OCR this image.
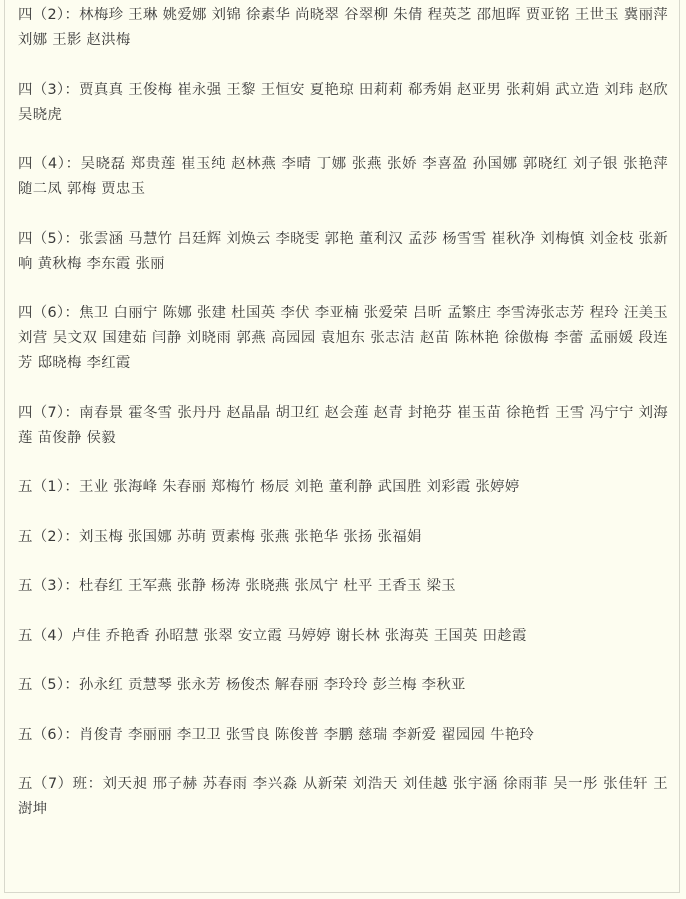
四（2）：林梅珍 王琳 姚爱娜 刘锦 徐素华 尚晓翠 谷翠柳 朱倩 程英芝 邵旭晖 贾亚铭 王世玉 冀丽萍 刘娜 王影 赵洪梅

四（3）：贾真真 王俊梅 崔永强 王黎 王恒安 夏艳琼 田莉莉 郗秀娟 赵亚男 张莉娟 武立造 刘玮 赵欣 吴晓虎

四（4）：吴晓磊 郑贵莲 崔玉纯 赵林燕 李晴 丁娜 张燕 张娇 李喜盈 孙国娜 郭晓红 刘子银 张艳萍 随二凤 郭梅 贾忠玉

四（5）：张雲涵 马慧竹 吕廷辉 刘焕云 李晓雯 郭艳 董利汉 孟莎 杨雪雪 崔秋净 刘梅慎 刘金枝 张新响 黄秋梅 李东霞 张丽

四（6）：焦卫 白丽宁 陈娜 张建 杜国英 李伏 李亚楠 张爱荣 吕昕 孟繁庄 李雪涛张志芳 程玲 汪美玉 刘营 吴文双 国建茹 闫静 刘晓雨 郭燕 高园园 袁旭东 张志洁 赵苗 陈林艳 徐傲梅 李蕾 孟丽媛 段连芳 邸晓梅 李红霞

四（7）：南春景 霍冬雪 张丹丹 赵晶晶 胡卫红 赵会莲 赵青 封艳芬 崔玉苗 徐艳哲 王雪 冯宁宁 刘海莲 苗俊静 侯毅

五（1）：王业 张海峰 朱春丽 郑梅竹 杨辰 刘艳 董利静 武国胜 刘彩霞 张婷婷

五（2）：刘玉梅 张国娜 苏萌 贾素梅 张燕 张艳华 张扬 张福娟

五（3）：杜春红 王军燕 张静 杨涛 张晓燕 张凤宁 杜平 王香玉 梁玉

五（4）卢佳 乔艳香 孙昭慧 张翠 安立霞 马婷婷 谢长林 张海英 王国英 田趁霞

五（5）：孙永红 贡慧琴 张永芳 杨俊杰 解春丽 李玲玲 彭兰梅 李秋亚

五（6）：肖俊青 李丽丽 李卫卫 张雪良 陈俊普 李鹏 慈瑞 李新爱 翟园园 牛艳玲

五（7）班：刘天昶 邢子赫 苏春雨 李兴淼 从新荣 刘浩天 刘佳越 张宇涵 徐雨菲 吴一彤 张佳轩 王澍坤
